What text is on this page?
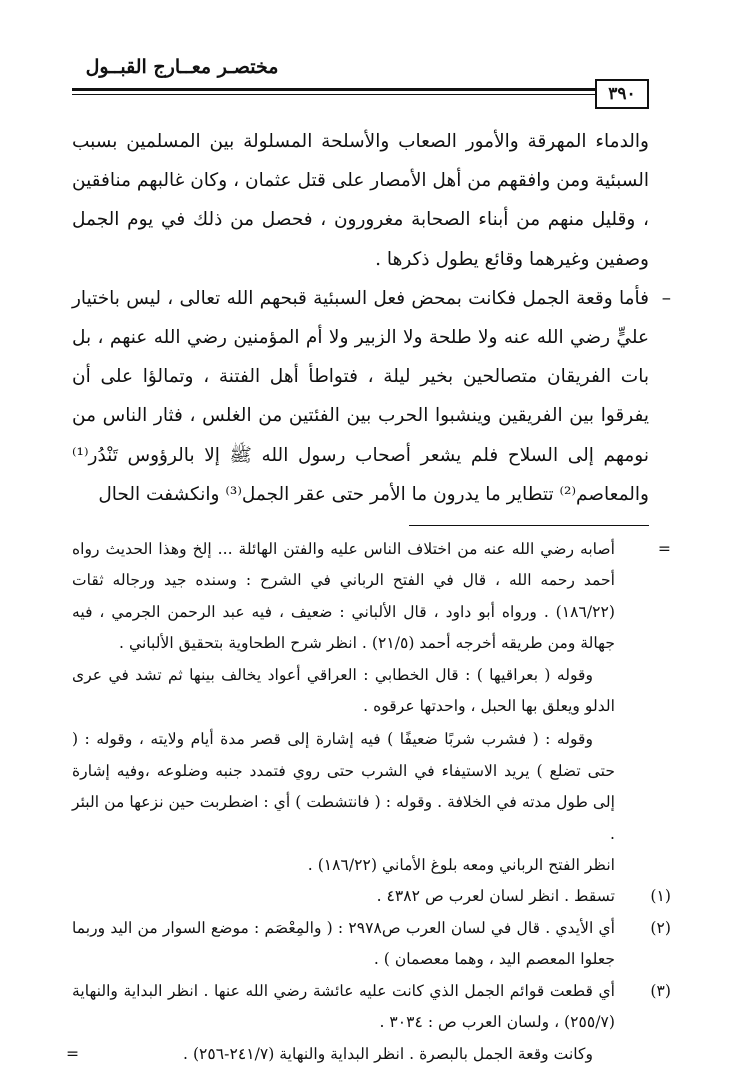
مختصـر معــارج القبــول
٣٩٠

والدماء المهرقة والأمور الصعاب والأسلحة المسلولة بين المسلمين بسبب السبئية ومن وافقهم من أهل الأمصار على قتل عثمان ، وكان غالبهم منافقين ، وقليل منهم من أبناء الصحابة مغرورون ، فحصل من ذلك في يوم الجمل وصفين وغيرهما وقائع يطول ذكرها .

–
فأما وقعة الجمل فكانت بمحض فعل السبئية قبحهم الله تعالى ، ليس باختيار عليٍّ رضي الله عنه ولا طلحة ولا الزبير ولا أم المؤمنين رضي الله عنهم ، بل بات الفريقان متصالحين بخير ليلة ، فتواطأ أهل الفتنة ، وتمالؤا على أن يفرقوا بين الفريقين وينشبوا الحرب بين الفئتين من الغلس ، فثار الناس من نومهم إلى السلاح فلم يشعر أصحاب رسول الله ﷺ إلا بالرؤوس تَنْدُر⁽¹⁾ والمعاصم⁽²⁾ تتطاير ما يدرون ما الأمر حتى عقر الجمل⁽³⁾ وانكشفت الحال

=
أصابه رضي الله عنه من اختلاف الناس عليه والفتن الهائلة ... إلخ وهذا الحديث رواه أحمد رحمه الله ، قال في الفتح الرباني في الشرح : وسنده جيد ورجاله ثقات (١٨٦/٢٢) . ورواه أبو داود ، قال الألباني : ضعيف ، فيه عبد الرحمن الجرمي ، فيه جهالة ومن طريقه أخرجه أحمد (٢١/٥) . انظر شرح الطحاوية بتحقيق الألباني .
وقوله ( بعراقيها ) : قال الخطابي : العراقي أعواد يخالف بينها ثم تشد في عرى الدلو ويعلق بها الحبل ، واحدتها عرقوه .
وقوله : ( فشرب شربًا ضعيفًا ) فيه إشارة إلى قصر مدة أيام ولايته ، وقوله : ( حتى تضلع ) يريد الاستيفاء في الشرب حتى روي فتمدد جنبه وضلوعه ،وفيه إشارة إلى طول مدته في الخلافة . وقوله : ( فانتشطت ) أي : اضطربت حين نزعها من البئر .
انظر الفتح الرباني ومعه بلوغ الأماني (١٨٦/٢٢) .
(١)
تسقط . انظر لسان لعرب ص ٤٣٨٢ .
(٢)
أي الأيدي . قال في لسان العرب ص٢٩٧٨ : ( والمِعْصَم : موضع السوار من اليد وربما جعلوا المعصم اليد ، وهما معصمان ) .
(٣)
أي قطعت قوائم الجمل الذي كانت عليه عائشة رضي الله عنها . انظر البداية والنهاية (٢٥٥/٧) ، ولسان العرب ص : ٣٠٣٤ .
وكانت وقعة الجمل بالبصرة . انظر البداية والنهاية (٢٤١/٧-٢٥٦) .
=
